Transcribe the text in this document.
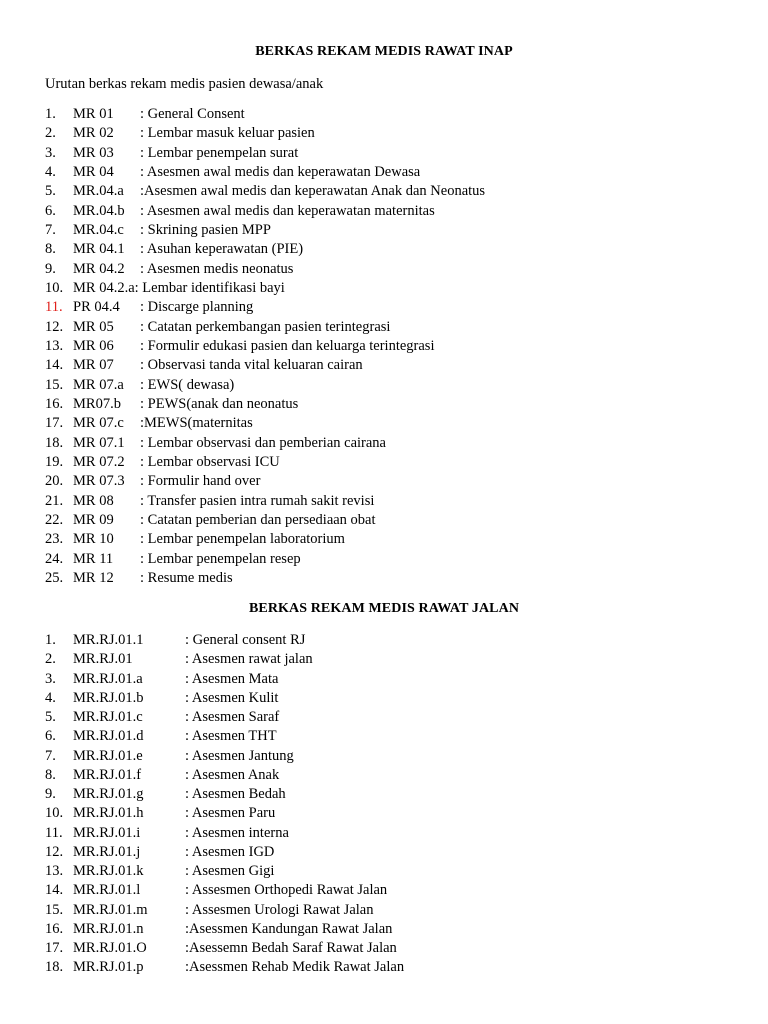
BERKAS REKAM MEDIS RAWAT INAP
Urutan berkas rekam medis pasien dewasa/anak
1. MR 01 : General Consent
2. MR 02 : Lembar masuk keluar pasien
3. MR 03 : Lembar penempelan surat
4. MR 04 : Asesmen awal medis dan keperawatan Dewasa
5. MR.04.a :Asesmen awal medis dan keperawatan Anak dan Neonatus
6. MR.04.b : Asesmen awal medis dan keperawatan maternitas
7. MR.04.c : Skrining pasien MPP
8. MR 04.1 : Asuhan keperawatan (PIE)
9. MR 04.2 : Asesmen medis neonatus
10. MR 04.2.a: Lembar identifikasi bayi
11. PR 04.4 : Discarge planning
12. MR 05 : Catatan perkembangan pasien terintegrasi
13. MR 06 : Formulir edukasi pasien dan keluarga terintegrasi
14. MR 07 : Observasi tanda vital keluaran cairan
15. MR 07.a : EWS( dewasa)
16. MR07.b : PEWS(anak dan neonatus
17. MR 07.c :MEWS(maternitas
18. MR 07.1 : Lembar observasi dan pemberian cairana
19. MR 07.2 : Lembar observasi ICU
20. MR 07.3 : Formulir hand over
21. MR 08 : Transfer pasien intra rumah sakit revisi
22. MR 09 : Catatan pemberian dan persediaan obat
23. MR 10 : Lembar penempelan laboratorium
24. MR 11 : Lembar penempelan resep
25. MR 12 : Resume medis
BERKAS REKAM MEDIS RAWAT JALAN
1. MR.RJ.01.1	: General consent RJ
2. MR.RJ.01	: Asesmen rawat jalan
3. MR.RJ.01.a	: Asesmen Mata
4. MR.RJ.01.b	: Asesmen Kulit
5. MR.RJ.01.c	: Asesmen Saraf
6. MR.RJ.01.d	: Asesmen THT
7. MR.RJ.01.e	: Asesmen Jantung
8. MR.RJ.01.f	: Asesmen Anak
9. MR.RJ.01.g	: Asesmen Bedah
10. MR.RJ.01.h	: Asesmen Paru
11. MR.RJ.01.i	: Asesmen interna
12. MR.RJ.01.j	: Asesmen IGD
13. MR.RJ.01.k	: Asesmen Gigi
14. MR.RJ.01.l	: Assesmen Orthopedi Rawat Jalan
15. MR.RJ.01.m	: Assesmen Urologi Rawat Jalan
16. MR.RJ.01.n	:Asessmen Kandungan Rawat Jalan
17. MR.RJ.01.O	:Asessemn Bedah Saraf Rawat Jalan
18. MR.RJ.01.p	:Asessmen Rehab Medik Rawat Jalan
